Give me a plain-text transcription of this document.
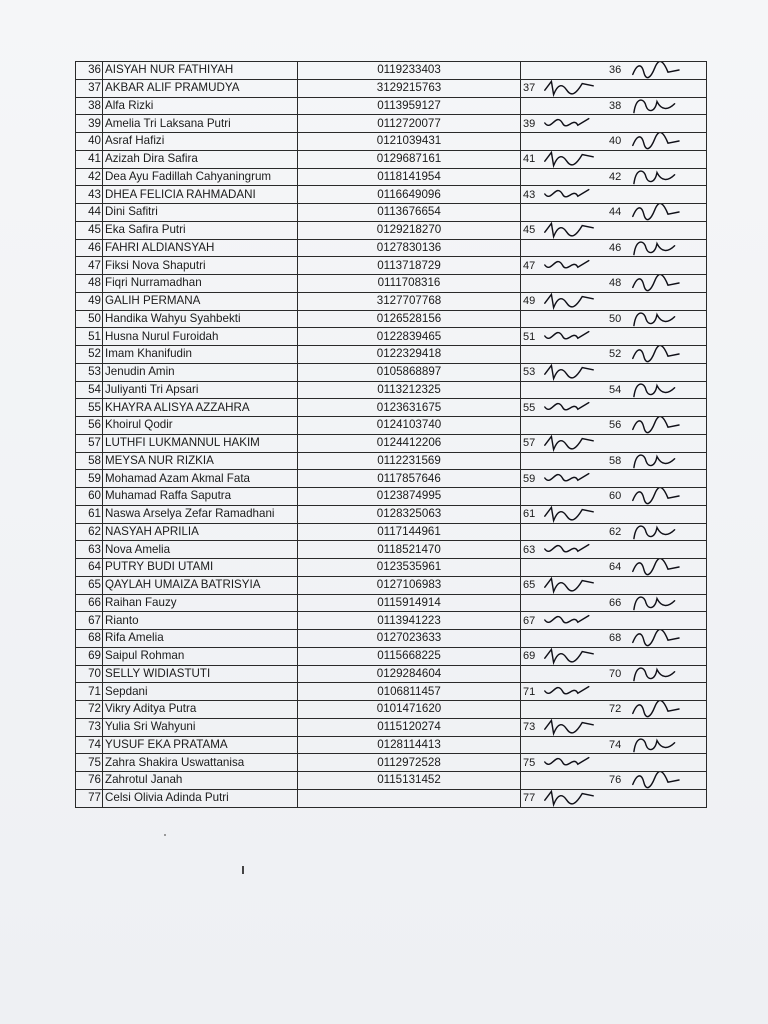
36	AISYAH NUR FATHIYAH	0119233403	36

37	AKBAR ALIF PRAMUDYA	3129215763	37

38	Alfa Rizki	0113959127	38

39	Amelia Tri Laksana Putri	0112720077	39

40	Asraf Hafizi	0121039431	40

41	Azizah Dira Safira	0129687161	41

42	Dea Ayu Fadillah Cahyaningrum	0118141954	42

43	DHEA FELICIA RAHMADANI	0116649096	43

44	Dini Safitri	0113676654	44

45	Eka Safira Putri	0129218270	45

46	FAHRI ALDIANSYAH	0127830136	46

47	Fiksi Nova Shaputri	0113718729	47

48	Fiqri Nurramadhan	0111708316	48

49	GALIH PERMANA	3127707768	49

50	Handika Wahyu Syahbekti	0126528156	50

51	Husna Nurul Furoidah	0122839465	51

52	Imam Khanifudin	0122329418	52

53	Jenudin Amin	0105868897	53

54	Juliyanti Tri Apsari	0113212325	54

55	KHAYRA ALISYA AZZAHRA	0123631675	55

56	Khoirul Qodir	0124103740	56

57	LUTHFI LUKMANNUL HAKIM	0124412206	57

58	MEYSA NUR RIZKIA	0112231569	58

59	Mohamad Azam Akmal Fata	0117857646	59

60	Muhamad Raffa Saputra	0123874995	60

61	Naswa Arselya Zefar Ramadhani	0128325063	61

62	NASYAH APRILIA	0117144961	62

63	Nova Amelia	0118521470	63

64	PUTRY BUDI UTAMI	0123535961	64

65	QAYLAH UMAIZA BATRISYIA	0127106983	65

66	Raihan Fauzy	0115914914	66

67	Rianto	0113941223	67

68	Rifa Amelia	0127023633	68

69	Saipul Rohman	0115668225	69

70	SELLY WIDIASTUTI	0129284604	70

71	Sepdani	0106811457	71

72	Vikry Aditya Putra	0101471620	72

73	Yulia Sri Wahyuni	0115120274	73

74	YUSUF EKA PRATAMA	0128114413	74

75	Zahra Shakira Uswattanisa	0112972528	75

76	Zahrotul Janah	0115131452	76

77	Celsi Olivia Adinda Putri		77
